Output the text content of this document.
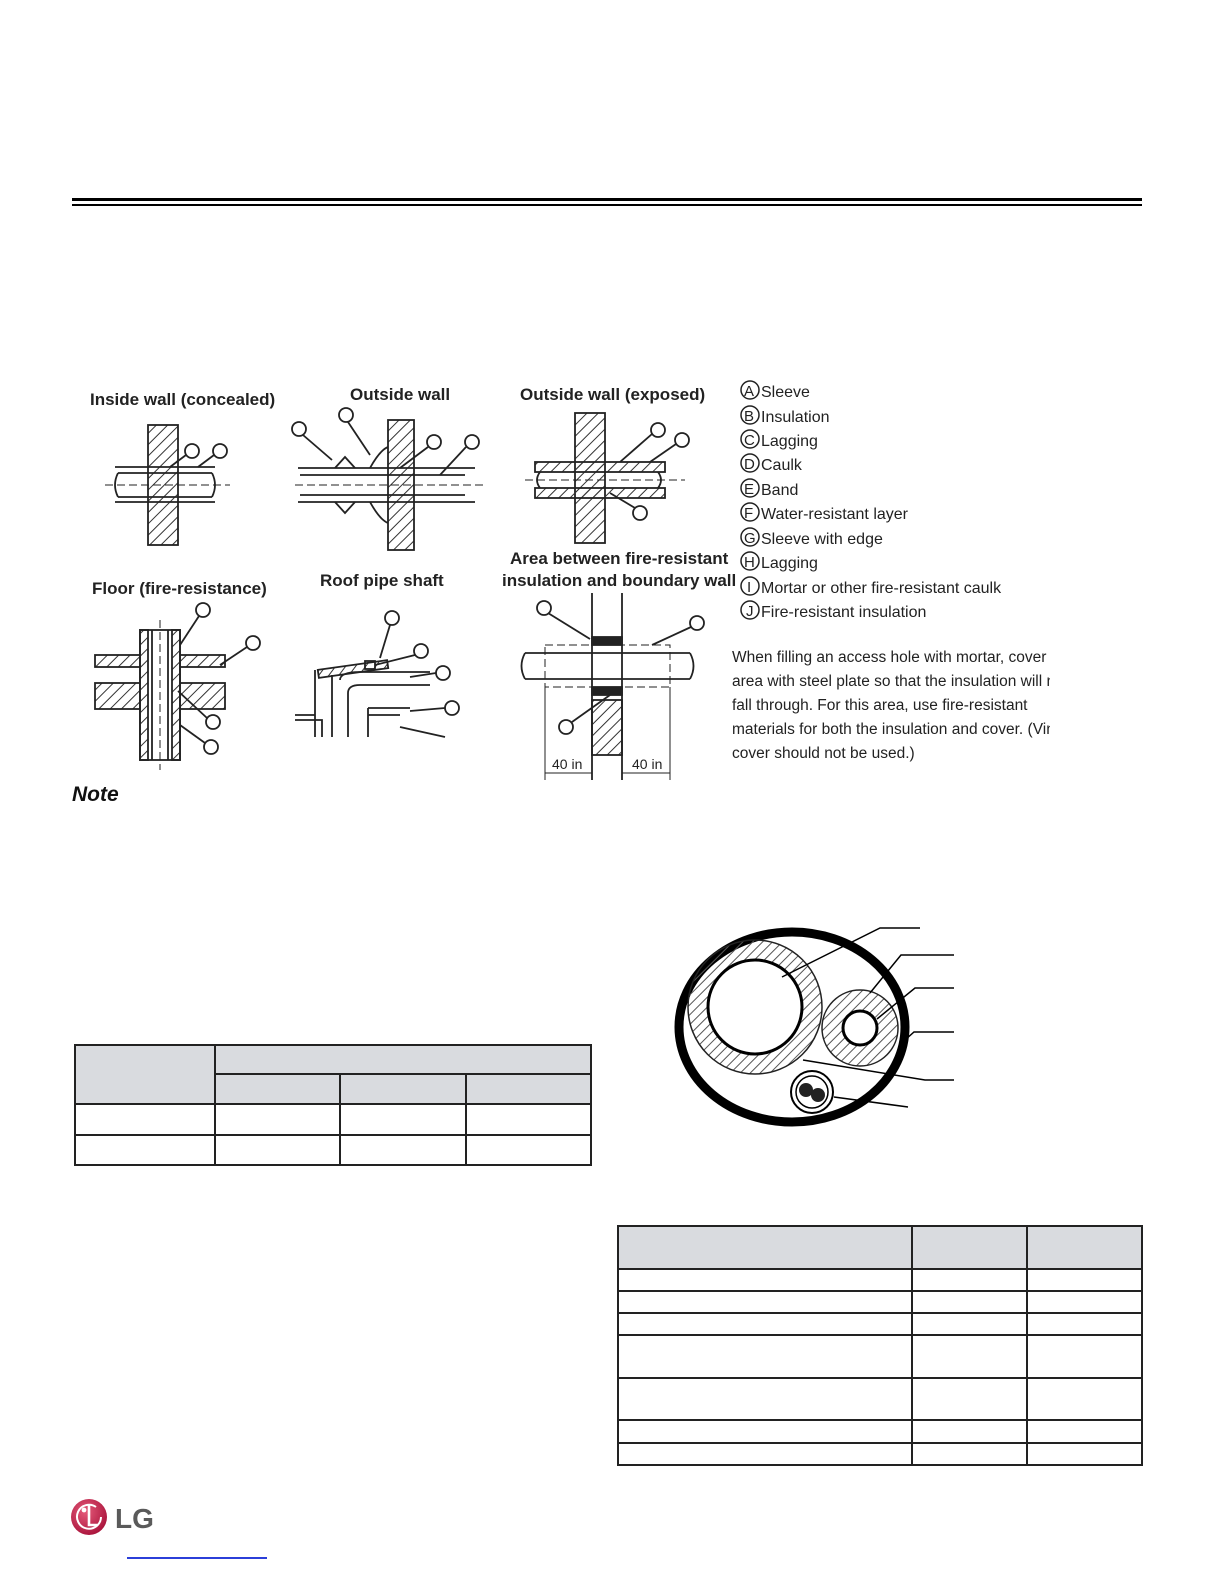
Inside wall (concealed)	Outside wall	Outside wall (exposed)
Floor (fire-resistance)	Roof pipe shaft
Area between fire-resistant
insulation and boundary wall
40 in	40 in
A Sleeve
B Insulation
C Lagging
D Caulk
E Band
F Water-resistant layer
G Sleeve with edge
H Lagging
I Mortar or other fire-resistant caulk
J Fire-resistant insulation
When filling an access hole with mortar, cover the
area with steel plate so that the insulation will not
fall through. For this area, use fire-resistant
materials for both the insulation and cover. (Vinyl
cover should not be used.)
Note

LG
